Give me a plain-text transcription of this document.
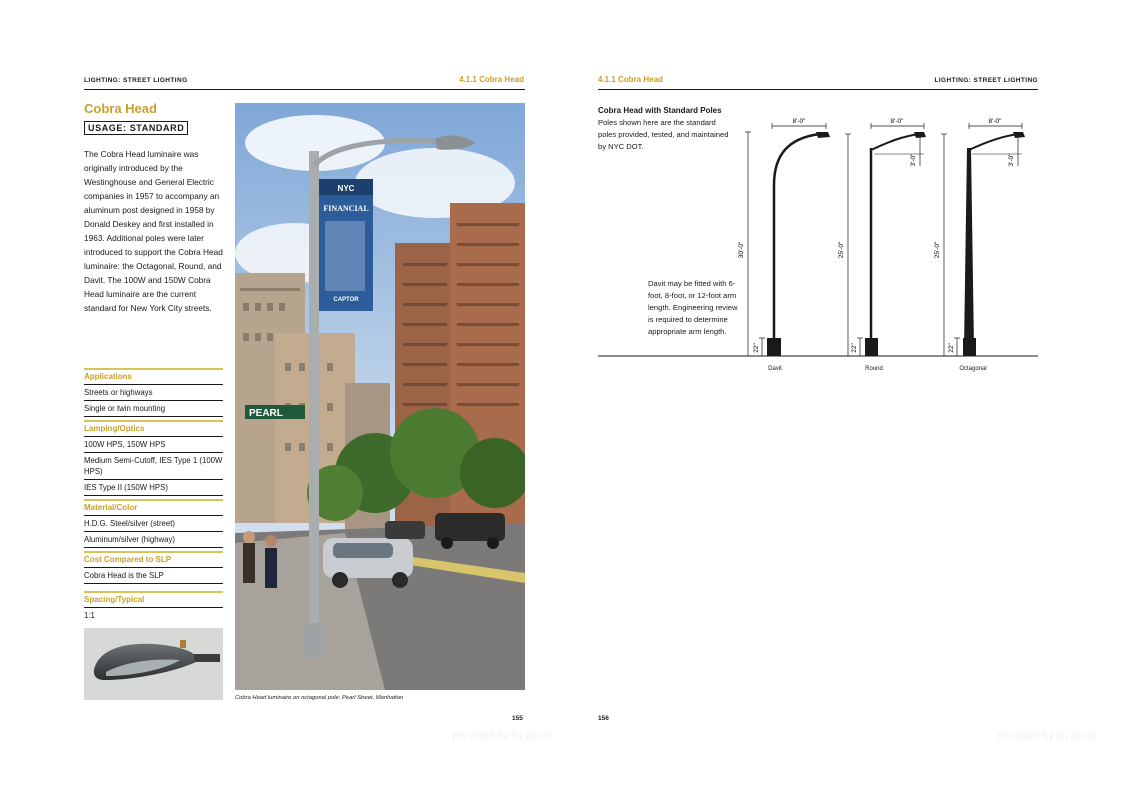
LIGHTING: STREET LIGHTING	4.1.1 Cobra Head
Cobra Head
USAGE: STANDARD
The Cobra Head luminaire was originally introduced by the Westinghouse and General Electric companies in 1957 to accompany an aluminum post designed in 1958 by Donald Deskey and first installed in 1963. Additional poles were later introduced to support the Cobra Head luminaire: the Octagonal, Round, and Davit. The 100W and 150W Cobra Head luminaire are the current standard for New York City streets.
Applications
Streets or highways
Single or twin mounting
Lamping/Optics
100W HPS, 150W HPS
Medium Semi-Cutoff, IES Type 1 (100W HPS)
IES Type II (150W HPS)
Material/Color
H.D.G. Steel/silver (street)
Aluminum/silver (highway)
Cost Compared to SLP
Cobra Head is the SLP
Spacing/Typical
1:1
NYC
FINANCIAL
CAPTOR
PEARL
Cobra Head luminaire on octagonal pole: Pearl Street, Manhattan
155
provided by liu jiacai
4.1.1 Cobra Head	LIGHTING: STREET LIGHTING
Cobra Head with Standard Poles
Poles shown here are the standard poles provided, tested, and maintained by NYC DOT.
Davit may be fitted with 6-foot, 8-foot, or 12-foot arm length. Engineering review is required to determine appropriate arm length.
8'-0"	8'-0"	8'-0"
30'-0"	25'-0"	25'-0"
3'-0"	3'-0"
22"	22"	22"
Davit	Round	Octagonal
156
provided by liu jiacai
